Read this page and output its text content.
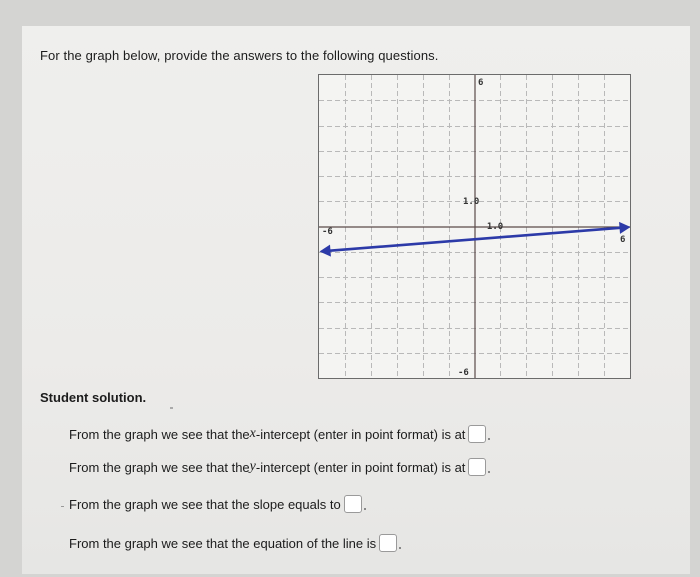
For the graph below, provide the answers to the following questions.
-6
6
6
-6
1.0
1.0
Student solution.
From the graph we see that the x -intercept (enter in point format) is at
From the graph we see that the y -intercept (enter in point format) is at
From the graph we see that the slope equals to
From the graph we see that the equation of the line is
